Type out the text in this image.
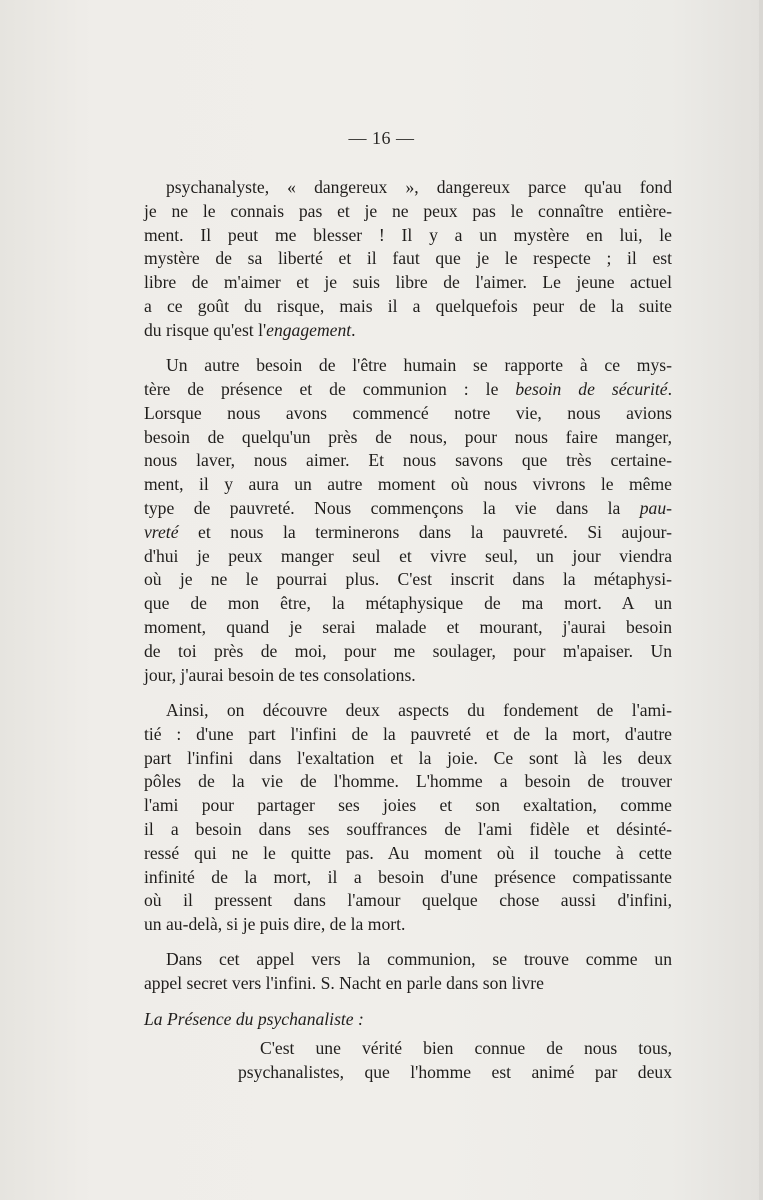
— 16 —

psychanalyste, « dangereux », dangereux parce qu'au fond
je ne le connais pas et je ne peux pas le connaître entière-
ment. Il peut me blesser ! Il y a un mystère en lui, le
mystère de sa liberté et il faut que je le respecte ; il est
libre de m'aimer et je suis libre de l'aimer. Le jeune actuel
a ce goût du risque, mais il a quelquefois peur de la suite
du risque qu'est l'engagement.

Un autre besoin de l'être humain se rapporte à ce mys-
tère de présence et de communion : le besoin de sécurité.
Lorsque nous avons commencé notre vie, nous avions
besoin de quelqu'un près de nous, pour nous faire manger,
nous laver, nous aimer. Et nous savons que très certaine-
ment, il y aura un autre moment où nous vivrons le même
type de pauvreté. Nous commençons la vie dans la pau-
vreté et nous la terminerons dans la pauvreté. Si aujour-
d'hui je peux manger seul et vivre seul, un jour viendra
où je ne le pourrai plus. C'est inscrit dans la métaphysi-
que de mon être, la métaphysique de ma mort. A un
moment, quand je serai malade et mourant, j'aurai besoin
de toi près de moi, pour me soulager, pour m'apaiser. Un
jour, j'aurai besoin de tes consolations.

Ainsi, on découvre deux aspects du fondement de l'ami-
tié : d'une part l'infini de la pauvreté et de la mort, d'autre
part l'infini dans l'exaltation et la joie. Ce sont là les deux
pôles de la vie de l'homme. L'homme a besoin de trouver
l'ami pour partager ses joies et son exaltation, comme
il a besoin dans ses souffrances de l'ami fidèle et désinté-
ressé qui ne le quitte pas. Au moment où il touche à cette
infinité de la mort, il a besoin d'une présence compatissante
où il pressent dans l'amour quelque chose aussi d'infini,
un au-delà, si je puis dire, de la mort.

Dans cet appel vers la communion, se trouve comme un
appel secret vers l'infini. S. Nacht en parle dans son livre

La Présence du psychanaliste :

C'est une vérité bien connue de nous tous,
psychanalistes, que l'homme est animé par deux
